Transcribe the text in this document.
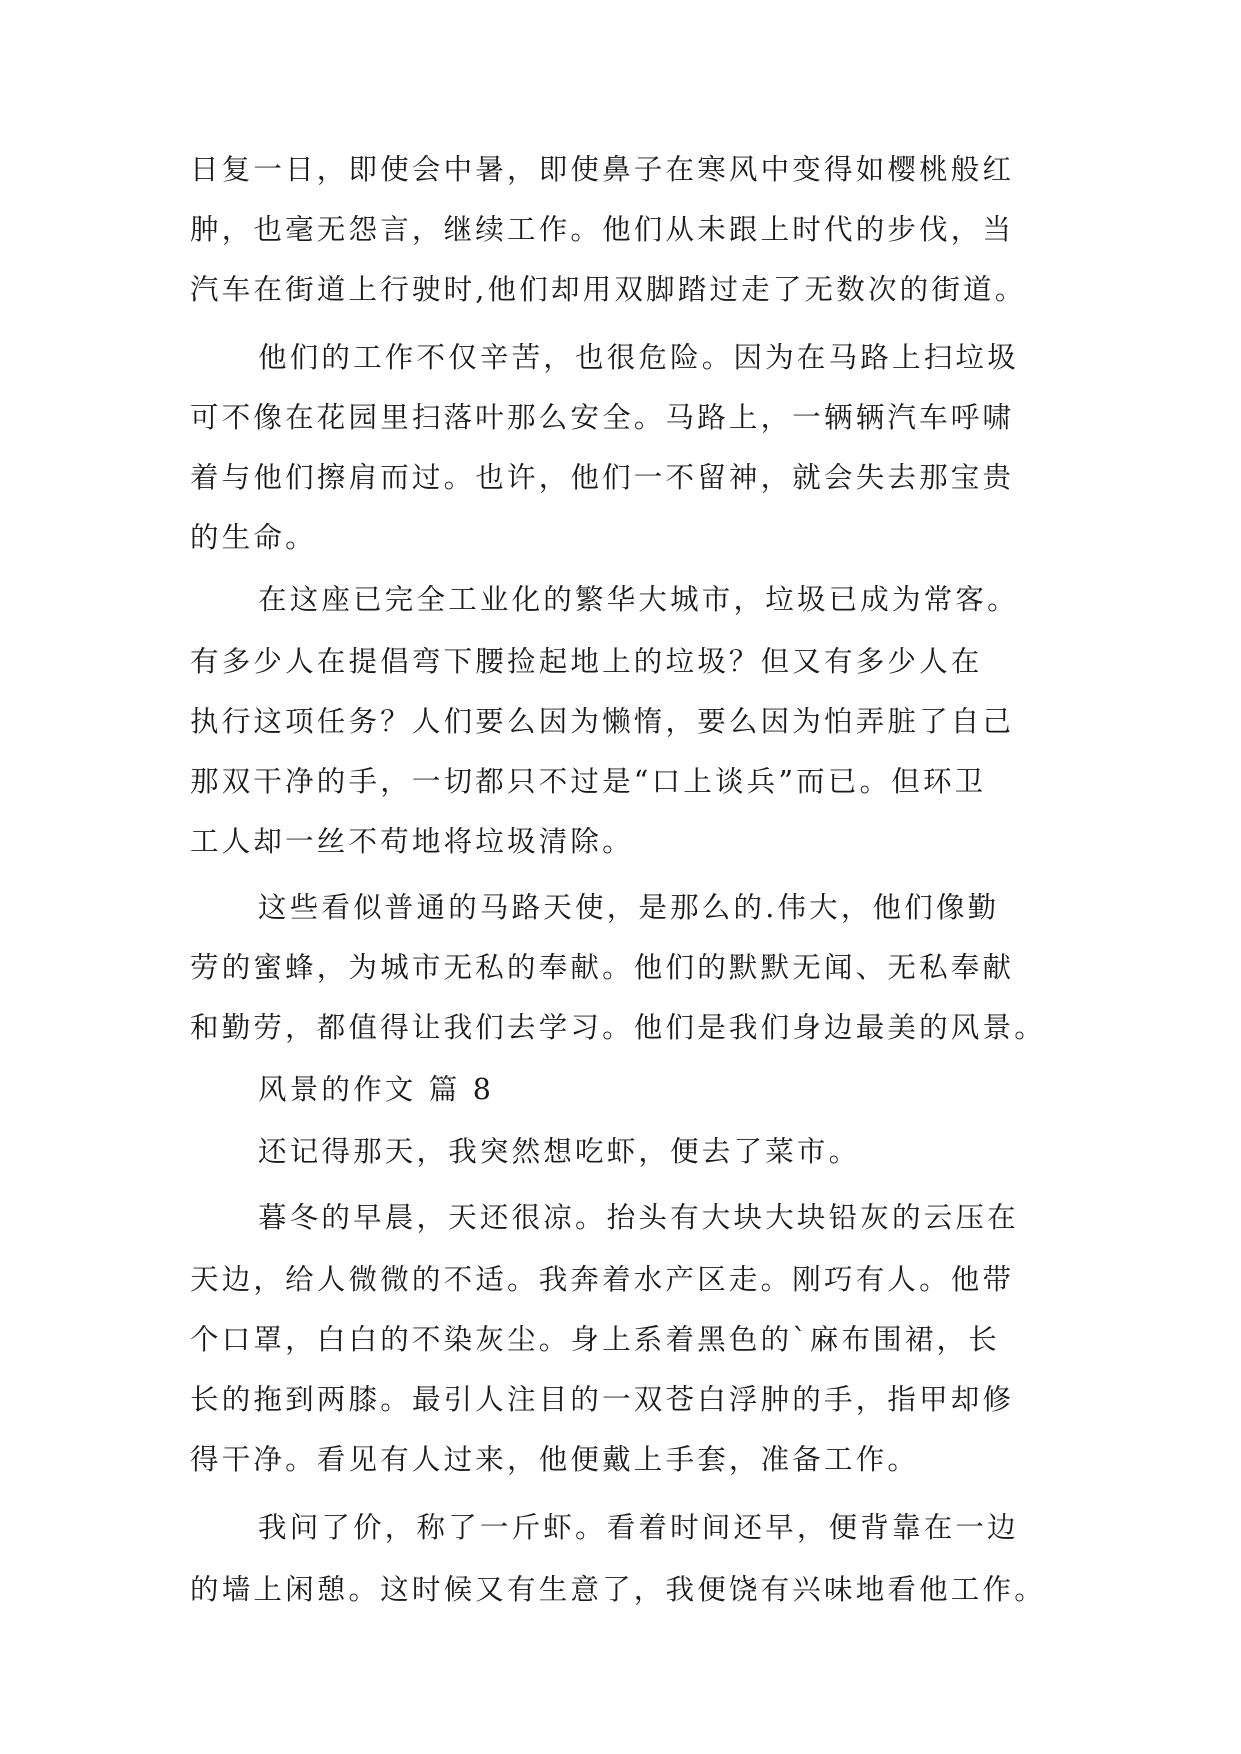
日复一日，即使会中暑，即使鼻子在寒风中变得如樱桃般红
肿，也毫无怨言，继续工作。他们从未跟上时代的步伐，当
汽车在街道上行驶时,他们却用双脚踏过走了无数次的街道。
他们的工作不仅辛苦，也很危险。因为在马路上扫垃圾
可不像在花园里扫落叶那么安全。马路上，一辆辆汽车呼啸
着与他们擦肩而过。也许，他们一不留神，就会失去那宝贵
的生命。
在这座已完全工业化的繁华大城市，垃圾已成为常客。
有多少人在提倡弯下腰捡起地上的垃圾？但又有多少人在
执行这项任务？人们要么因为懒惰，要么因为怕弄脏了自己
那双干净的手，一切都只不过是“口上谈兵”而已。但环卫
工人却一丝不苟地将垃圾清除。
这些看似普通的马路天使，是那么的.伟大，他们像勤
劳的蜜蜂，为城市无私的奉献。他们的默默无闻、无私奉献
和勤劳，都值得让我们去学习。他们是我们身边最美的风景。
风景的作文 篇 8
还记得那天，我突然想吃虾，便去了菜市。
暮冬的早晨，天还很凉。抬头有大块大块铅灰的云压在
天边，给人微微的不适。我奔着水产区走。刚巧有人。他带
个口罩，白白的不染灰尘。身上系着黑色的`麻布围裙，长
长的拖到两膝。最引人注目的一双苍白浮肿的手，指甲却修
得干净。看见有人过来，他便戴上手套，准备工作。
我问了价，称了一斤虾。看着时间还早，便背靠在一边
的墙上闲憩。这时候又有生意了，我便饶有兴味地看他工作。
